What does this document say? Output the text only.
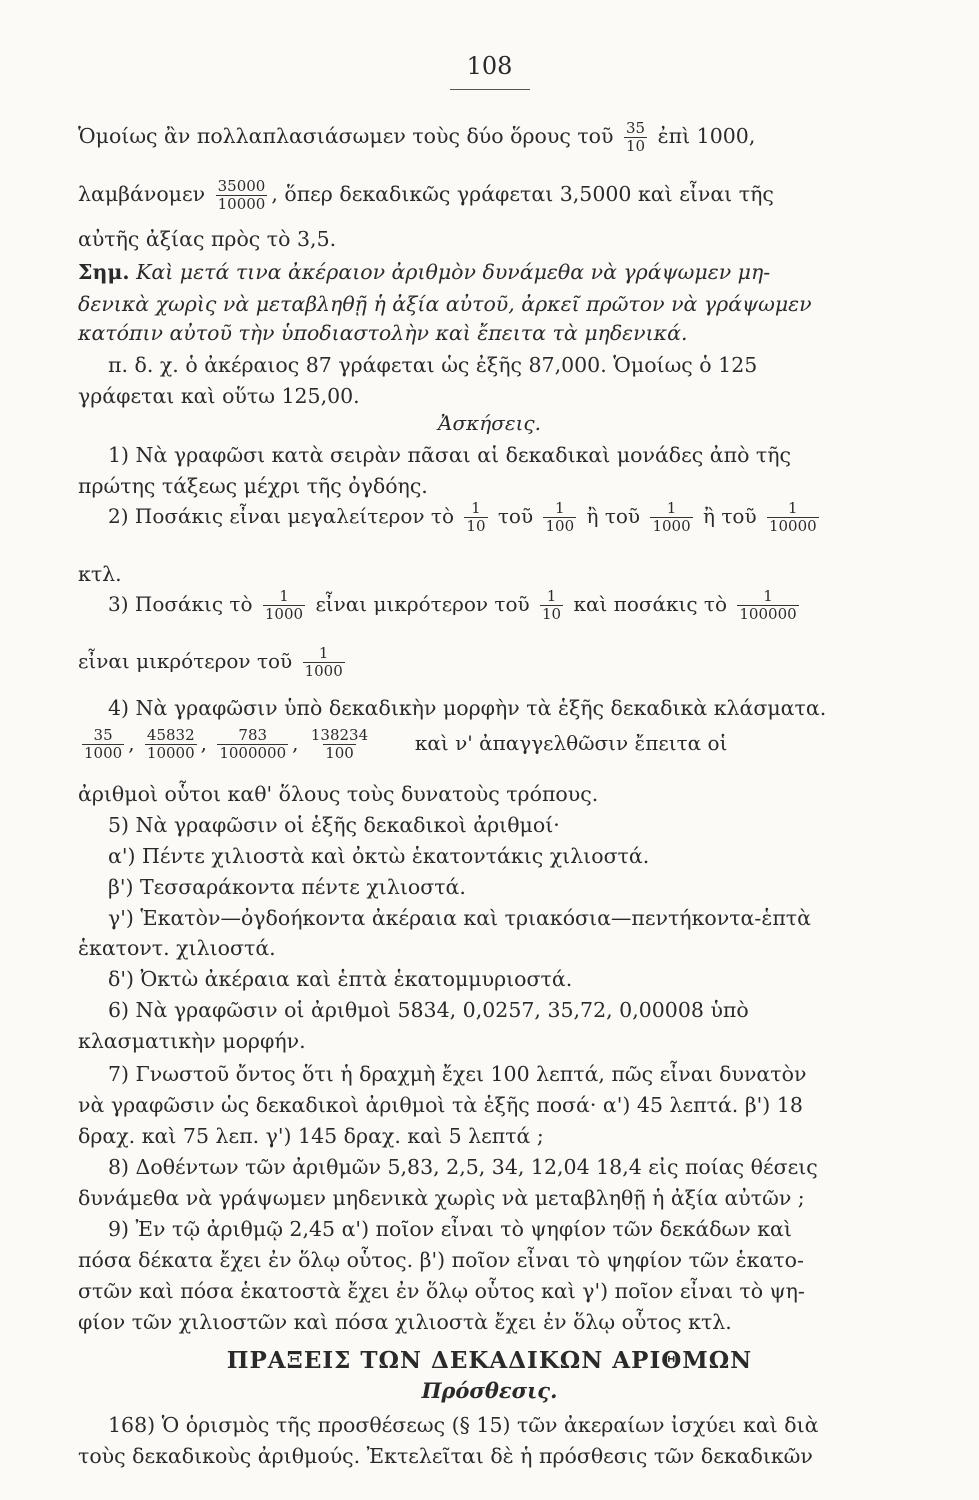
108
Ὁμοίως ἂν πολλαπλασιάσωμεν τοὺς δύο ὅρους τοῦ $\frac{35}{10}$ ἐπὶ 1000,
λαμβάνομεν $\frac{35000}{10000}$ , ὅπερ δεκαδικῶς γράφεται 3,5000 καὶ εἶναι τῆς
αὐτῆς ἀξίας πρὸς τὸ 3,5.
Σημ. Καὶ μετά τινα ἀκέραιον ἀριθμὸν δυνάμεθα νὰ γράψωμεν μη-
δενικὰ χωρὶς νὰ μεταβληθῇ ἡ ἀξία αὐτοῦ, ἀρκεῖ πρῶτον νὰ γράψωμεν
κατόπιν αὐτοῦ τὴν ὑποδιαστολὴν καὶ ἔπειτα τὰ μηδενικά.
π. δ. χ. ὁ ἀκέραιος 87 γράφεται ὡς ἐξῆς 87,000. Ὁμοίως ὁ 125
γράφεται καὶ οὕτω 125,00.
Ἀσκήσεις.
1) Νὰ γραφῶσι κατὰ σειρὰν πᾶσαι αἱ δεκαδικαὶ μονάδες ἀπὸ τῆς
πρώτης τάξεως μέχρι τῆς ὀγδόης.
2) Ποσάκις εἶναι μεγαλείτερον τὸ $\frac{1}{10}$ τοῦ $\frac{1}{100}$ ἢ τοῦ $\frac{1}{1000}$ ἢ τοῦ $\frac{1}{10000}$
κτλ.
3) Ποσάκις τὸ $\frac{1}{1000}$ εἶναι μικρότερον τοῦ $\frac{1}{10}$ καὶ ποσάκις τὸ $\frac{1}{100000}$
εἶναι μικρότερον τοῦ $\frac{1}{1000}$
4) Νὰ γραφῶσιν ὑπὸ δεκαδικὴν μορφὴν τὰ ἑξῆς δεκαδικὰ κλάσματα.
$\frac{35}{1000}$ , $\frac{45832}{10000}$ , $\frac{783}{1000000}$ , $\frac{138234}{100}$ καὶ ν' ἀπαγγελθῶσιν ἔπειτα οἱ
ἀριθμοὶ οὗτοι καθ' ὅλους τοὺς δυνατοὺς τρόπους.
5) Νὰ γραφῶσιν οἱ ἑξῆς δεκαδικοὶ ἀριθμοί·
α') Πέντε χιλιοστὰ καὶ ὀκτὼ ἑκατοντάκις χιλιοστά.
β') Τεσσαράκοντα πέντε χιλιοστά.
γ') Ἑκατὸν—ὀγδοήκοντα ἀκέραια καὶ τριακόσια—πεντήκοντα-ἑπτὰ
ἑκατοντ. χιλιοστά.
δ') Ὀκτὼ ἀκέραια καὶ ἑπτὰ ἑκατομμυριοστά.
6) Νὰ γραφῶσιν οἱ ἀριθμοὶ 5834, 0,0257, 35,72, 0,00008 ὑπὸ
κλασματικὴν μορφήν.
7) Γνωστοῦ ὄντος ὅτι ἡ δραχμὴ ἔχει 100 λεπτά, πῶς εἶναι δυνατὸν
νὰ γραφῶσιν ὡς δεκαδικοὶ ἀριθμοὶ τὰ ἑξῆς ποσά· α') 45 λεπτά. β') 18
δραχ. καὶ 75 λεπ. γ') 145 δραχ. καὶ 5 λεπτά ;
8) Δοθέντων τῶν ἀριθμῶν 5,83, 2,5, 34, 12,04 18,4 εἰς ποίας θέσεις
δυνάμεθα νὰ γράψωμεν μηδενικὰ χωρὶς νὰ μεταβληθῇ ἡ ἀξία αὐτῶν ;
9) Ἐν τῷ ἀριθμῷ 2,45 α') ποῖον εἶναι τὸ ψηφίον τῶν δεκάδων καὶ
πόσα δέκατα ἔχει ἐν ὅλῳ οὗτος. β') ποῖον εἶναι τὸ ψηφίον τῶν ἑκατο-
στῶν καὶ πόσα ἑκατοστὰ ἔχει ἐν ὅλῳ οὗτος καὶ γ') ποῖον εἶναι τὸ ψη-
φίον τῶν χιλιοστῶν καὶ πόσα χιλιοστὰ ἔχει ἐν ὅλῳ οὗτος κτλ.
ΠΡΑΞΕΙΣ ΤΩΝ ΔΕΚΑΔΙΚΩΝ ΑΡΙΘΜΩΝ
Πρόσθεσις.
168) Ὁ ὁρισμὸς τῆς προσθέσεως (§ 15) τῶν ἀκεραίων ἰσχύει καὶ διὰ
τοὺς δεκαδικοὺς ἀριθμούς. Ἐκτελεῖται δὲ ἡ πρόσθεσις τῶν δεκαδικῶν
